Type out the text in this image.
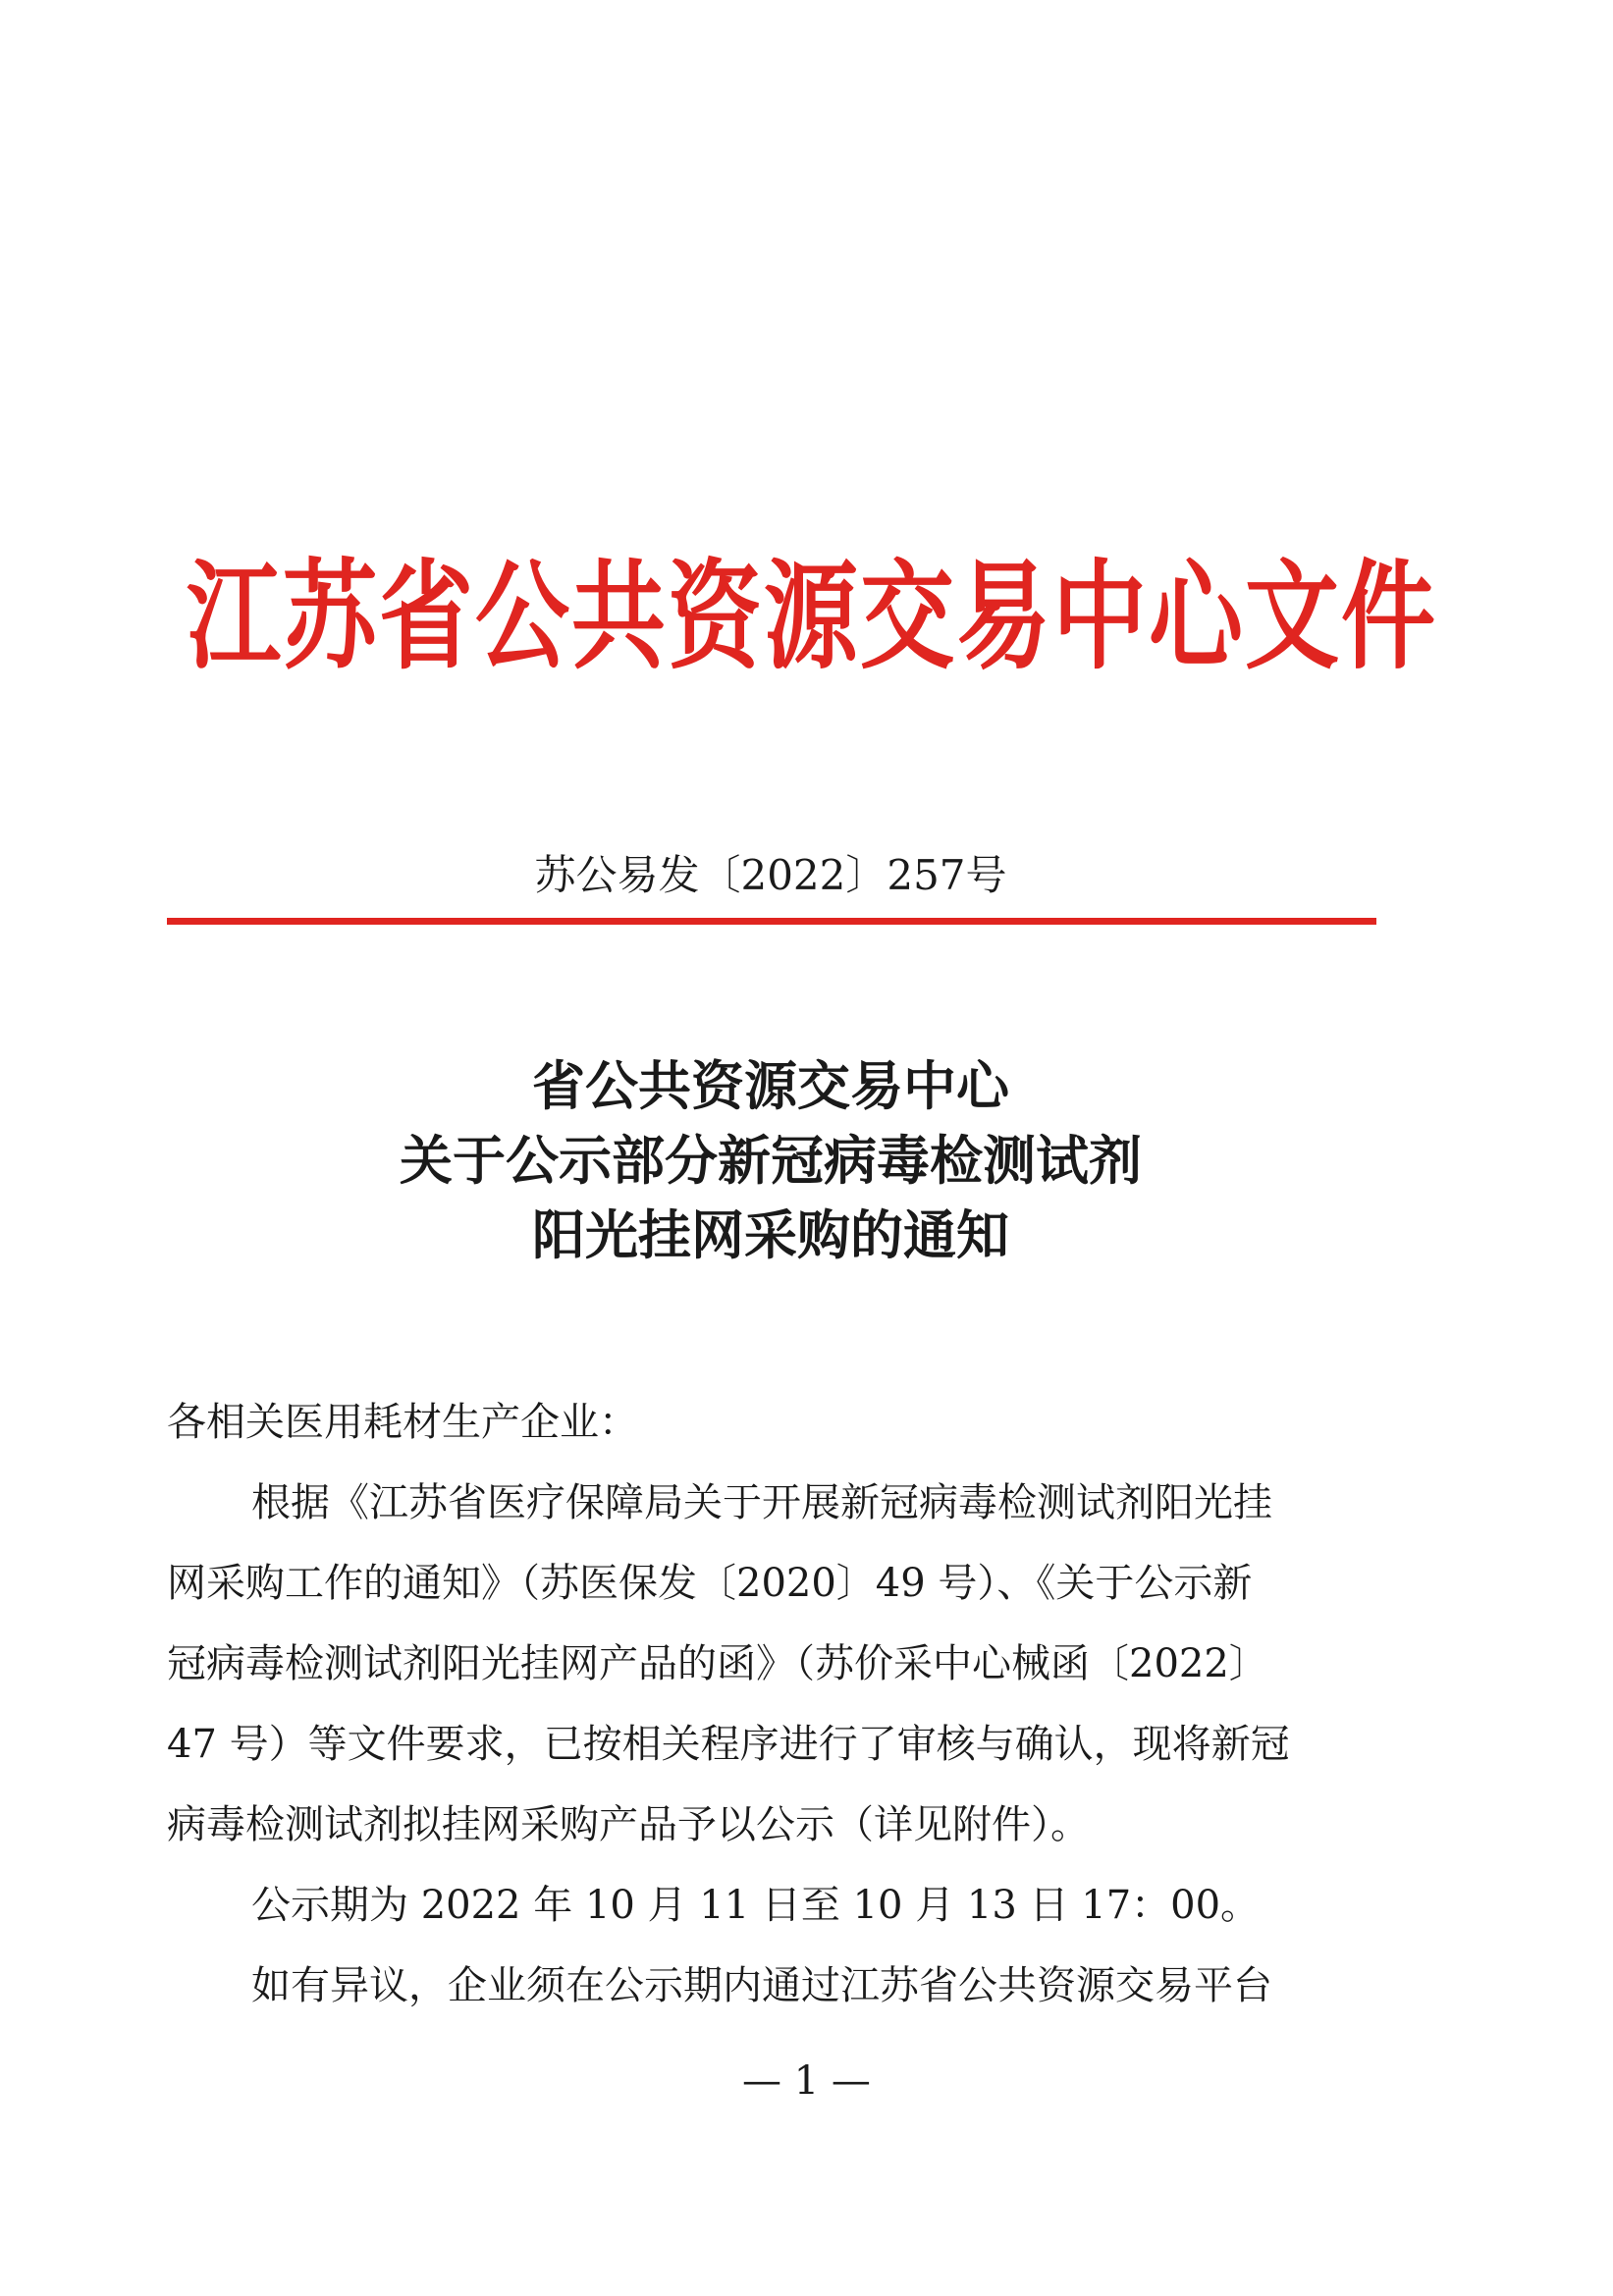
江苏省公共资源交易中心文件
苏公易发〔2022〕257号
省公共资源交易中心
关于公示部分新冠病毒检测试剂
阳光挂网采购的通知
各相关医用耗材生产企业：
根据《江苏省医疗保障局关于开展新冠病毒检测试剂阳光挂
网采购工作的通知》（苏医保发〔2020〕49 号）、《关于公示新
冠病毒检测试剂阳光挂网产品的函》（苏价采中心械函〔2022〕
47 号）等文件要求，已按相关程序进行了审核与确认，现将新冠
病毒检测试剂拟挂网采购产品予以公示（详见附件）。
公示期为 2022 年 10 月 11 日至 10 月 13 日 17：00。
如有异议，企业须在公示期内通过江苏省公共资源交易平台
— 1 —
